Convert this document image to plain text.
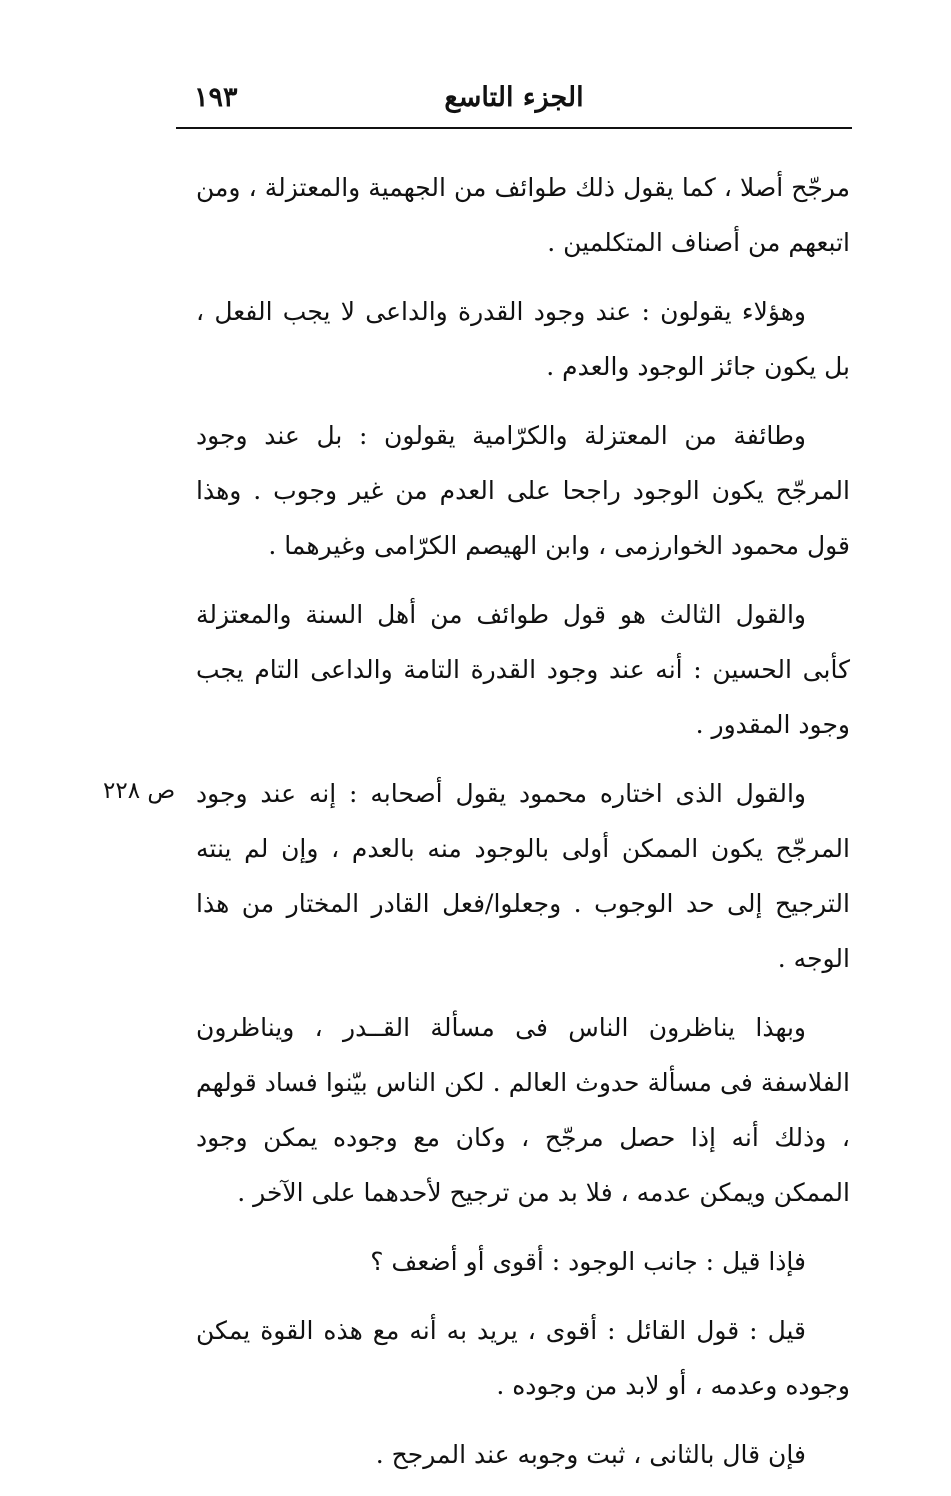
١٩٣	الجزء التاسع
ص ٢٢٨

مرجّح أصلا ، كما يقول ذلك طوائف من الجهمية والمعتزلة ، ومن اتبعهم من أصناف المتكلمين .

وهؤلاء يقولون : عند وجود القدرة والداعى لا يجب الفعل ، بل يكون جائز الوجود والعدم .

وطائفة من المعتزلة والكرّامية يقولون : بل عند وجود المرجّح يكون الوجود راجحا على العدم من غير وجوب . وهذا قول محمود الخوارزمى ، وابن الهيصم الكرّامى وغيرهما .

والقول الثالث هو قول طوائف من أهل السنة والمعتزلة كأبى الحسين : أنه عند وجود القدرة التامة والداعى التام يجب وجود المقدور .

والقول الذى اختاره محمود يقول أصحابه : إنه عند وجود المرجّح يكون الممكن أولى بالوجود منه بالعدم ، وإن لم ينته الترجيح إلى حد الوجوب . وجعلوا/فعل القادر المختار من هذا الوجه .

وبهذا يناظرون الناس فى مسألة القــدر ، ويناظرون الفلاسفة فى مسألة حدوث العالم . لكن الناس بيّنوا فساد قولهم ، وذلك أنه إذا حصل مرجّح ، وكان مع وجوده يمكن وجود الممكن ويمكن عدمه ، فلا بد من ترجيح لأحدهما على الآخر .

فإذا قيل : جانب الوجود : أقوى أو أضعف ؟

قيل : قول القائل : أقوى ، يريد به أنه مع هذه القوة يمكن وجوده وعدمه ، أو لابد من وجوده .

فإن قال بالثانى ، ثبت وجوبه عند المرجح .
